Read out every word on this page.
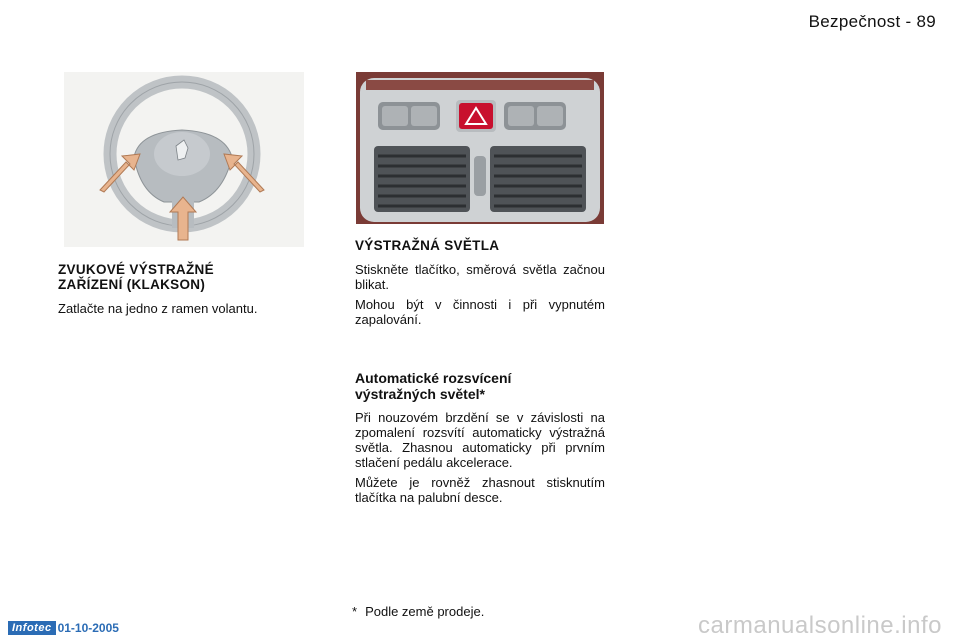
Bezpečnost - 89
ZVUKOVÉ VÝSTRAŽNÉ
ZAŘÍZENÍ (KLAKSON)
Zatlačte na jedno z ramen volantu.
VÝSTRAŽNÁ SVĚTLA
Stiskněte tlačítko, směrová světla začnou blikat.
Mohou být v činnosti i při vypnutém zapalování.
Automatické rozsvícení
výstražných světel*
Při nouzovém brzdění se v závislosti na zpomalení rozsvítí automaticky výstražná světla. Zhasnou automaticky při prvním stlačení pedálu akcelerace.
Můžete je rovněž zhasnout stisknutím tlačítka na palubní desce.
* Podle země prodeje.
Infotec 01-10-2005	carmanualsonline.info
